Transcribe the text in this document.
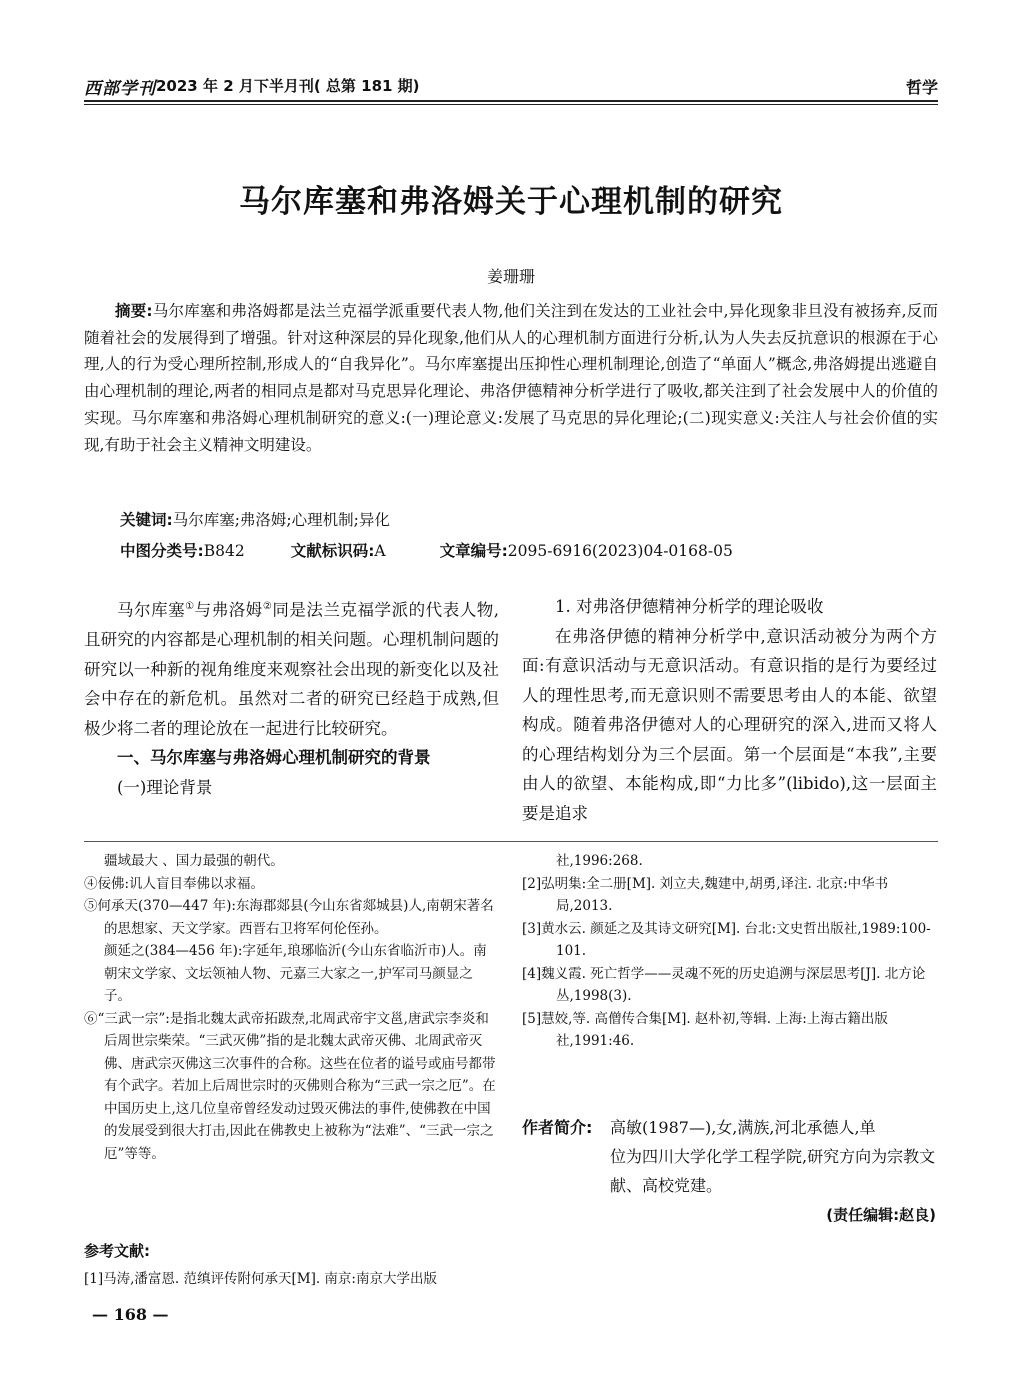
西部学刊 2023 年 2 月下半月刊( 总第 181 期)	哲学
马尔库塞和弗洛姆关于心理机制的研究
姜珊珊

摘要:马尔库塞和弗洛姆都是法兰克福学派重要代表人物,他们关注到在发达的工业社会中,异化现象非旦没有被扬弃,反而随着社会的发展得到了增强。针对这种深层的异化现象,他们从人的心理机制方面进行分析,认为人失去反抗意识的根源在于心理,人的行为受心理所控制,形成人的“自我异化”。马尔库塞提出压抑性心理机制理论,创造了“单面人”概念,弗洛姆提出逃避自由心理机制的理论,两者的相同点是都对马克思异化理论、弗洛伊德精神分析学进行了吸收,都关注到了社会发展中人的价值的实现。马尔库塞和弗洛姆心理机制研究的意义:(一)理论意义:发展了马克思的异化理论;(二)现实意义:关注人与社会价值的实现,有助于社会主义精神文明建设。

关键词:马尔库塞;弗洛姆;心理机制;异化
中图分类号:B842	文献标识码:A	文章编号:2095-6916(2023)04-0168-05

马尔库塞①与弗洛姆②同是法兰克福学派的代表人物,且研究的内容都是心理机制的相关问题。心理机制问题的研究以一种新的视角维度来观察社会出现的新变化以及社会中存在的新危机。虽然对二者的研究已经趋于成熟,但极少将二者的理论放在一起进行比较研究。

一、马尔库塞与弗洛姆心理机制研究的背景
(一)理论背景
1. 对弗洛伊德精神分析学的理论吸收

在弗洛伊德的精神分析学中,意识活动被分为两个方面:有意识活动与无意识活动。有意识指的是行为要经过人的理性思考,而无意识则不需要思考由人的本能、欲望构成。随着弗洛伊德对人的心理研究的深入,进而又将人的心理结构划分为三个层面。第一个层面是“本我”,主要由人的欲望、本能构成,即“力比多”(libido),这一层面主要是追求

疆域最大 、国力最强的朝代。

④佞佛:讥人盲目奉佛以求福。

⑤何承天(370—447 年):东海郡郯县(今山东省郯城县)人,南朝宋著名的思想家、天文学家。西晋右卫将军何伦侄孙。

颜延之(384—456 年):字延年,琅琊临沂(今山东省临沂市)人。南朝宋文学家、文坛领袖人物、元嘉三大家之一,护军司马颜显之子。

⑥“三武一宗”:是指北魏太武帝拓跋焘,北周武帝宇文邕,唐武宗李炎和后周世宗柴荣。“三武灭佛”指的是北魏太武帝灭佛、北周武帝灭佛、唐武宗灭佛这三次事件的合称。这些在位者的谥号或庙号都带有个武字。若加上后周世宗时的灭佛则合称为“三武一宗之厄”。在中国历史上,这几位皇帝曾经发动过毁灭佛法的事件,使佛教在中国的发展受到很大打击,因此在佛教史上被称为“法难”、“三武一宗之厄”等等。

社,1996:268.

[2]弘明集:全二册[M]. 刘立夫,魏建中,胡勇,译注. 北京:中华书局,2013.

[3]黄水云. 颜延之及其诗文研究[M]. 台北:文史哲出版社,1989:100-101.

[4]魏义霞. 死亡哲学——灵魂不死的历史追溯与深层思考[J]. 北方论丛,1998(3).

[5]慧姣,等. 高僧传合集[M]. 赵朴初,等辑. 上海:上海古籍出版社,1991:46.

参考文献:
[1]马涛,潘富恩. 范缜评传附何承天[M]. 南京:南京大学出版
作者简介:	高敏(1987—),女,满族,河北承德人,单
位为四川大学化学工程学院,研究方向为宗教文献、高校党建。
(责任编辑:赵良)
— 168 —
